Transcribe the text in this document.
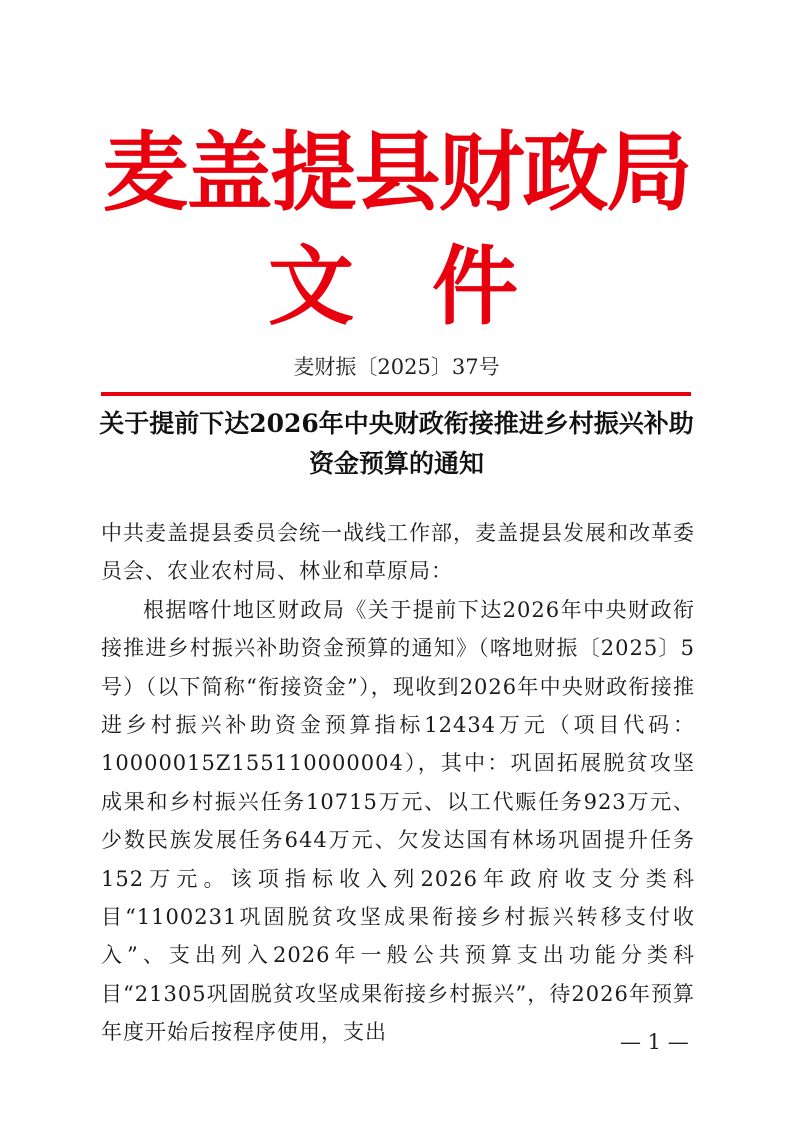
麦盖提县财政局
文 件
麦财振〔2025〕37号
关于提前下达2026年中央财政衔接推进乡村振兴补助资金预算的通知

中共麦盖提县委员会统一战线工作部，麦盖提县发展和改革委员会、农业农村局、林业和草原局：

根据喀什地区财政局《关于提前下达2026年中央财政衔接推进乡村振兴补助资金预算的通知》（喀地财振〔2025〕5号）（以下简称“衔接资金”），现收到2026年中央财政衔接推进乡村振兴补助资金预算指标12434万元（项目代码：10000015Z155110000004），其中：巩固拓展脱贫攻坚成果和乡村振兴任务10715万元、以工代赈任务923万元、少数民族发展任务644万元、欠发达国有林场巩固提升任务152万元。该项指标收入列2026年政府收支分类科目“1100231巩固脱贫攻坚成果衔接乡村振兴转移支付收入”、支出列入2026年一般公共预算支出功能分类科目“21305巩固脱贫攻坚成果衔接乡村振兴”，待2026年预算年度开始后按程序使用，支出	— 1 —
